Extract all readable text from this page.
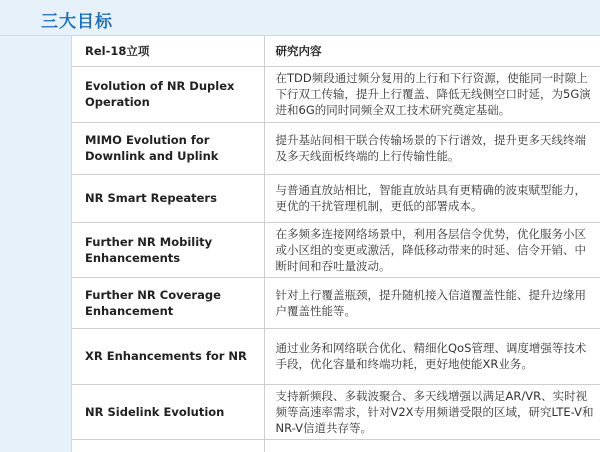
三大目标
Rel-18立项	研究内容

Evolution of NR Duplex Operation	在TDD频段通过频分复用的上行和下行资源，使能同一时隙上下行双工传输，提升上行覆盖、降低无线侧空口时延，为5G演进和6G的同时同频全双工技术研究奠定基础。

MIMO Evolution for Downlink and Uplink	提升基站间相干联合传输场景的下行谱效，提升更多天线终端及多天线面板终端的上行传输性能。

NR Smart Repeaters	与普通直放站相比，智能直放站具有更精确的波束赋型能力，更优的干扰管理机制，更低的部署成本。

Further NR Mobility Enhancements	在多频多连接网络场景中，利用各层信令优势，优化服务小区或小区组的变更或激活，降低移动带来的时延、信令开销、中断时间和吞吐量波动。

Further NR Coverage Enhancement	针对上行覆盖瓶颈，提升随机接入信道覆盖性能、提升边缘用户覆盖性能等。

XR Enhancements for NR	通过业务和网络联合优化、精细化QoS管理、调度增强等技术手段，优化容量和终端功耗，更好地使能XR业务。

NR Sidelink Evolution	支持新频段、多载波聚合、多天线增强以满足AR/VR、实时视频等高速率需求，针对V2X专用频谱受限的区域，研究LTE-V和NR-V信道共存等。
